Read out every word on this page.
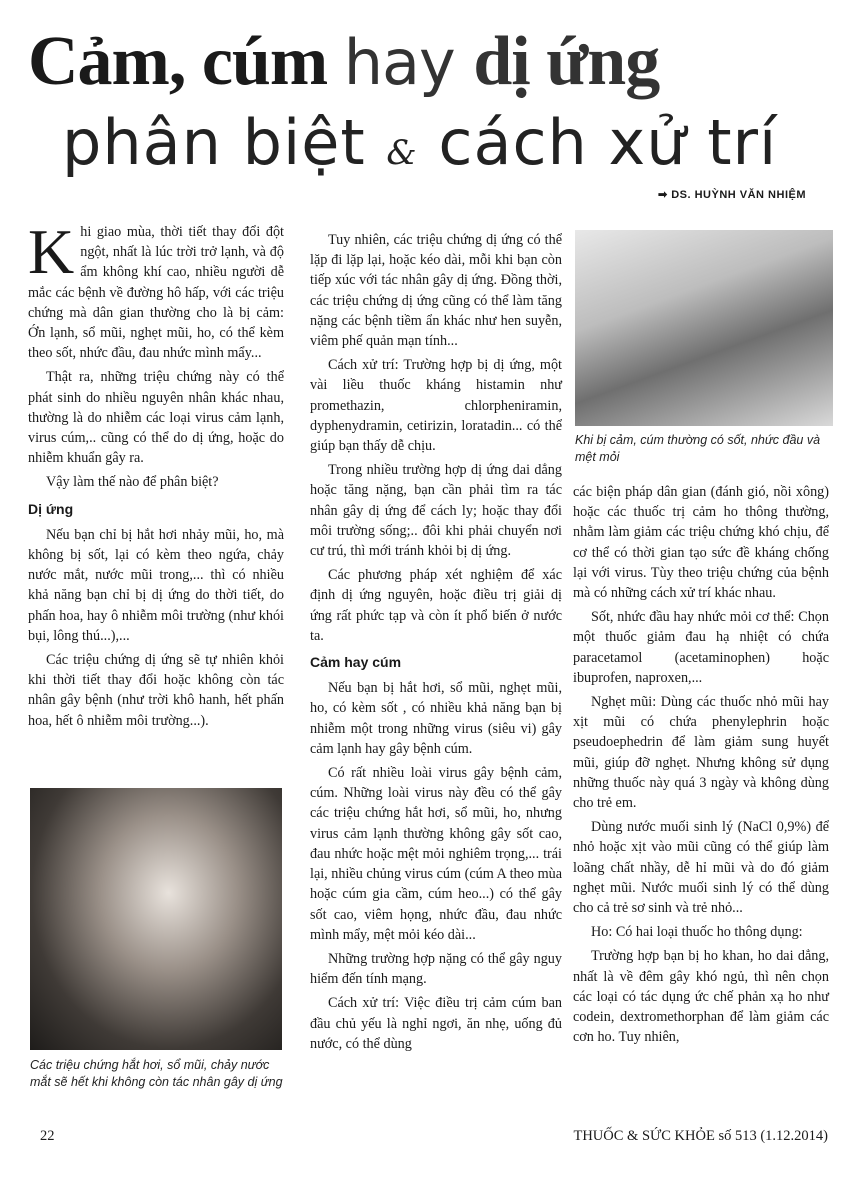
Cảm, cúm hay dị ứng
phân biệt & cách xử trí
➡ DS. HUỲNH VĂN NHIỆM

Khi giao mùa, thời tiết thay đổi đột ngột, nhất là lúc trời trở lạnh, và độ ẩm không khí cao, nhiều người dễ mắc các bệnh về đường hô hấp, với các triệu chứng mà dân gian thường cho là bị cảm: Ớn lạnh, sổ mũi, nghẹt mũi, ho, có thể kèm theo sốt, nhức đầu, đau nhức mình mẩy...

Thật ra, những triệu chứng này có thể phát sinh do nhiều nguyên nhân khác nhau, thường là do nhiễm các loại virus cảm lạnh, virus cúm,.. cũng có thể do dị ứng, hoặc do nhiễm khuẩn gây ra.

Vậy làm thế nào để phân biệt?

Dị ứng

Nếu bạn chỉ bị hắt hơi nhảy mũi, ho, mà không bị sốt, lại có kèm theo ngứa, chảy nước mắt, nước mũi trong,... thì có nhiều khả năng bạn chỉ bị dị ứng do thời tiết, do phấn hoa, hay ô nhiễm môi trường (như khói bụi, lông thú...),...

Các triệu chứng dị ứng sẽ tự nhiên khỏi khi thời tiết thay đổi hoặc không còn tác nhân gây bệnh (như trời khô hanh, hết phấn hoa, hết ô nhiễm môi trường...).

Các triệu chứng hắt hơi, sổ mũi, chảy nước mắt sẽ hết khi không còn tác nhân gây dị ứng

Tuy nhiên, các triệu chứng dị ứng có thể lặp đi lặp lại, hoặc kéo dài, mỗi khi bạn còn tiếp xúc với tác nhân gây dị ứng. Đồng thời, các triệu chứng dị ứng cũng có thể làm tăng nặng các bệnh tiềm ẩn khác như hen suyễn, viêm phế quản mạn tính...

Cách xử trí: Trường hợp bị dị ứng, một vài liều thuốc kháng histamin như promethazin, chlorpheniramin, dyphenydramin, cetirizin, loratadin... có thể giúp bạn thấy dễ chịu.

Trong nhiều trường hợp dị ứng dai dẳng hoặc tăng nặng, bạn cần phải tìm ra tác nhân gây dị ứng để cách ly; hoặc thay đổi môi trường sống;.. đôi khi phải chuyển nơi cư trú, thì mới tránh khỏi bị dị ứng.

Các phương pháp xét nghiệm để xác định dị ứng nguyên, hoặc điều trị giải dị ứng rất phức tạp và còn ít phổ biến ở nước ta.

Cảm hay cúm

Nếu bạn bị hắt hơi, sổ mũi, nghẹt mũi, ho, có kèm sốt , có nhiều khả năng bạn bị nhiễm một trong những virus (siêu vi) gây cảm lạnh hay gây bệnh cúm.

Có rất nhiều loài virus gây bệnh cảm, cúm. Những loài virus này đều có thể gây các triệu chứng hắt hơi, sổ mũi, ho, nhưng virus cảm lạnh thường không gây sốt cao, đau nhức hoặc mệt mỏi nghiêm trọng,... trái lại, nhiều chủng virus cúm (cúm A theo mùa hoặc cúm gia cầm, cúm heo...) có thể gây sốt cao, viêm họng, nhức đầu, đau nhức mình mẩy, mệt mỏi kéo dài...

Những trường hợp nặng có thể gây nguy hiểm đến tính mạng.

Cách xử trí: Việc điều trị cảm cúm ban đầu chủ yếu là nghỉ ngơi, ăn nhẹ, uống đủ nước, có thể dùng

Khi bị cảm, cúm thường có sốt, nhức đầu và mệt mỏi

các biện pháp dân gian (đánh gió, nồi xông) hoặc các thuốc trị cảm ho thông thường, nhằm làm giảm các triệu chứng khó chịu, để cơ thể có thời gian tạo sức đề kháng chống lại với virus. Tùy theo triệu chứng của bệnh mà có những cách xử trí khác nhau.

Sốt, nhức đầu hay nhức mỏi cơ thể: Chọn một thuốc giảm đau hạ nhiệt có chứa paracetamol (acetaminophen) hoặc ibuprofen, naproxen,...

Nghẹt mũi: Dùng các thuốc nhỏ mũi hay xịt mũi có chứa phenylephrin hoặc pseudoephedrin để làm giảm sung huyết mũi, giúp đỡ nghẹt. Nhưng không sử dụng những thuốc này quá 3 ngày và không dùng cho trẻ em.

Dùng nước muối sinh lý (NaCl 0,9%) để nhỏ hoặc xịt vào mũi cũng có thể giúp làm loãng chất nhầy, dễ hỉ mũi và do đó giảm nghẹt mũi. Nước muối sinh lý có thể dùng cho cả trẻ sơ sinh và trẻ nhỏ...

Ho: Có hai loại thuốc ho thông dụng:

Trường hợp bạn bị ho khan, ho dai dẳng, nhất là về đêm gây khó ngủ, thì nên chọn các loại có tác dụng ức chế phản xạ ho như codein, dextromethorphan để làm giảm các cơn ho. Tuy nhiên,

22	THUỐC & SỨC KHỎE số 513 (1.12.2014)
